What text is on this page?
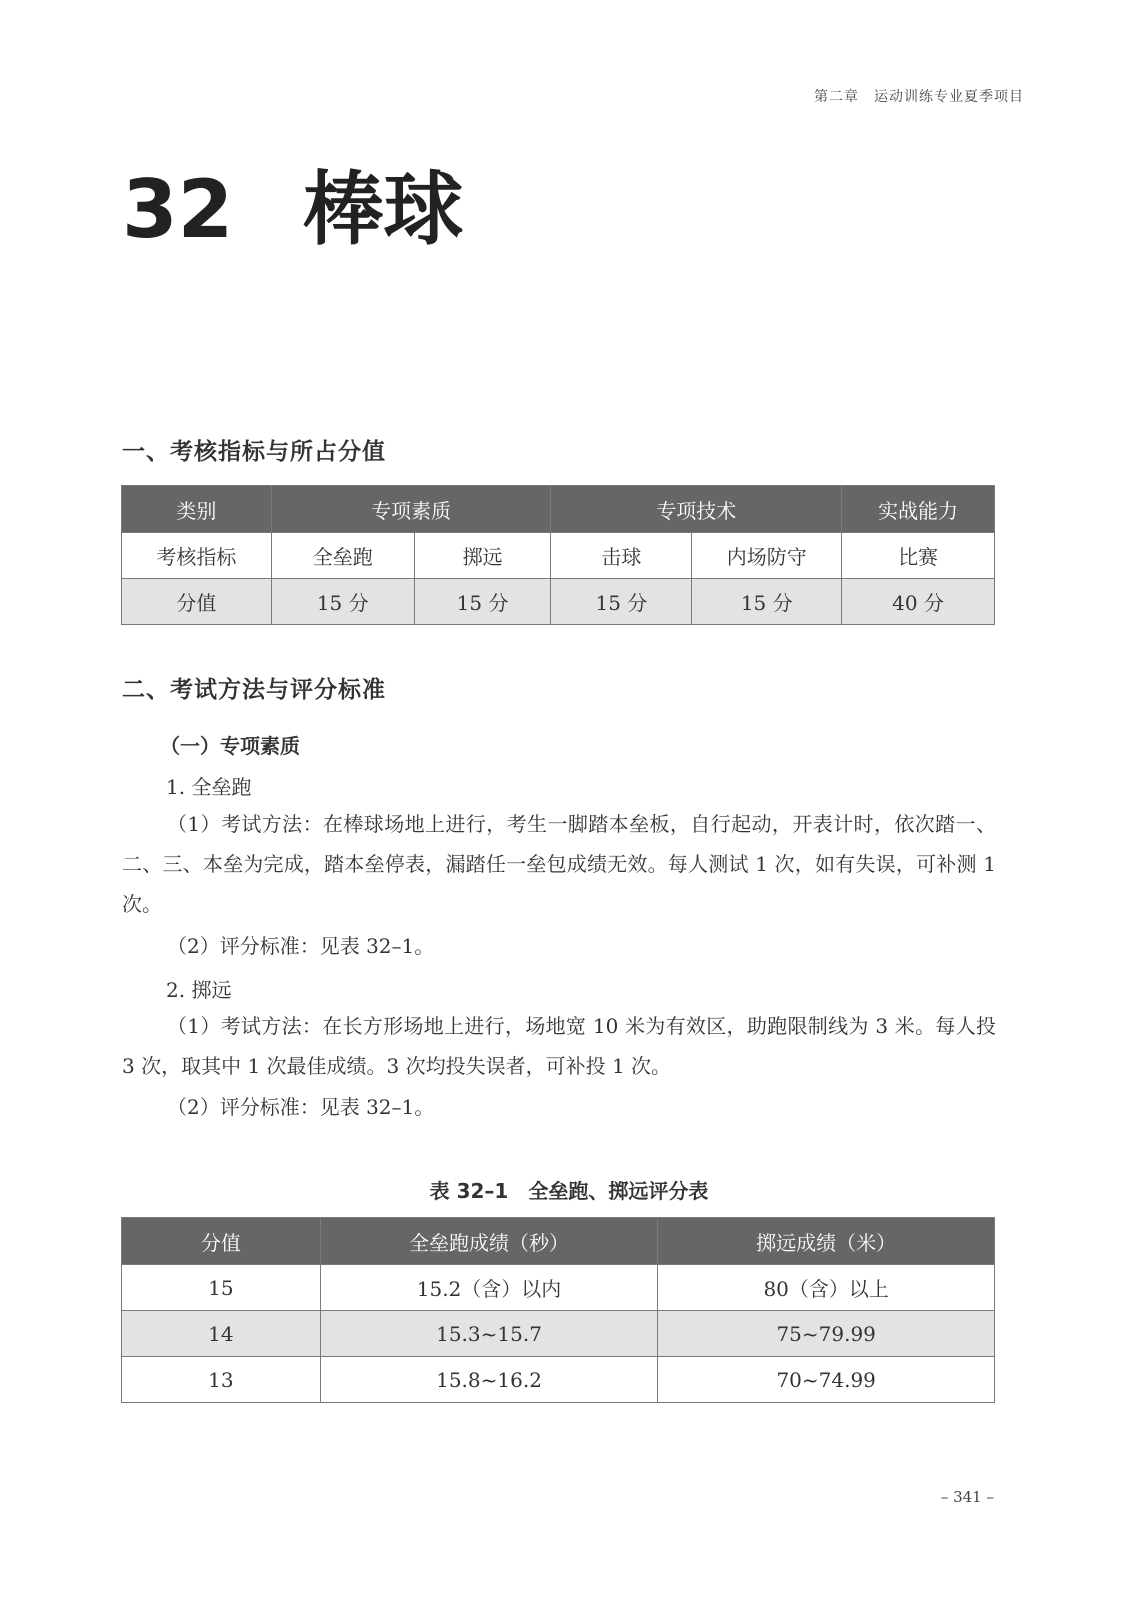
第二章　运动训练专业夏季项目
32 棒球
一、考核指标与所占分值
类别	专项素质		专项技术		实战能力
考核指标	全垒跑	掷远	击球	内场防守	比赛
分值	15 分	15 分	15 分	15 分	40 分
二、考试方法与评分标准
（一）专项素质
1. 全垒跑
（1）考试方法：在棒球场地上进行，考生一脚踏本垒板，自行起动，开表计时，依次踏一、二、三、本垒为完成，踏本垒停表，漏踏任一垒包成绩无效。每人测试 1 次，如有失误，可补测 1 次。
（2）评分标准：见表 32–1。
2. 掷远
（1）考试方法：在长方形场地上进行，场地宽 10 米为有效区，助跑限制线为 3 米。每人投 3 次，取其中 1 次最佳成绩。3 次均投失误者，可补投 1 次。
（2）评分标准：见表 32–1。
表 32–1　全垒跑、掷远评分表
分值	全垒跑成绩（秒）	掷远成绩（米）
15	15.2（含）以内	80（含）以上
14	15.3~15.7	75~79.99
13	15.8~16.2	70~74.99
– 341 –
